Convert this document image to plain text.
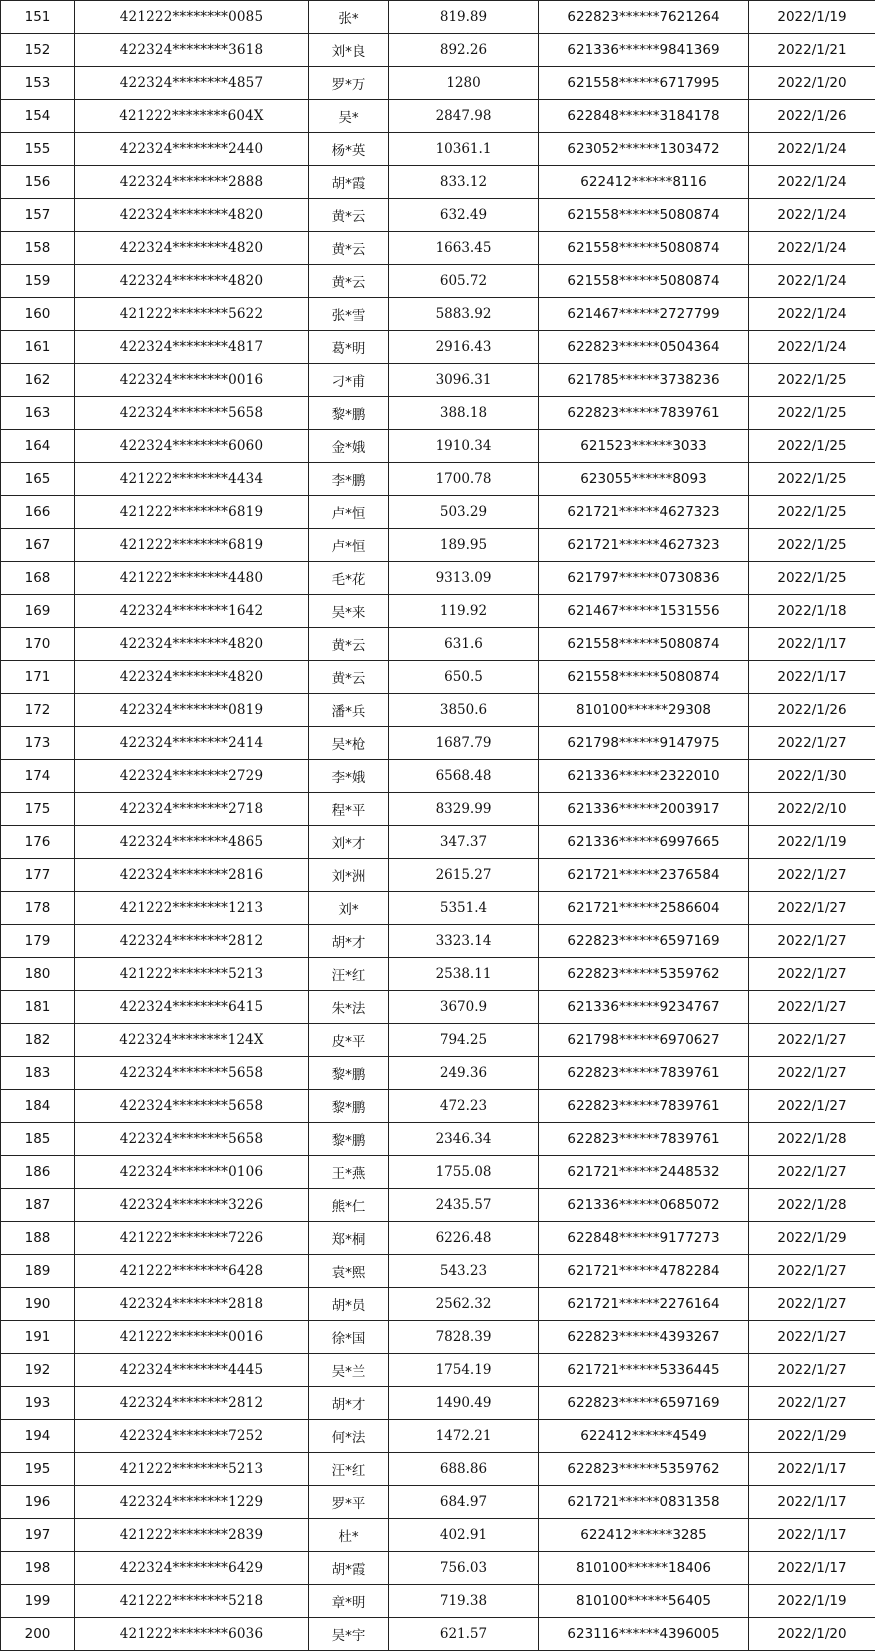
151	421222********0085	张*	819.89	622823******7621264	2022/1/19
152	422324********3618	刘*良	892.26	621336******9841369	2022/1/21
153	422324********4857	罗*万	1280	621558******6717995	2022/1/20
154	421222********604X	吴*	2847.98	622848******3184178	2022/1/26
155	422324********2440	杨*英	10361.1	623052******1303472	2022/1/24
156	422324********2888	胡*霞	833.12	622412******8116	2022/1/24
157	422324********4820	黄*云	632.49	621558******5080874	2022/1/24
158	422324********4820	黄*云	1663.45	621558******5080874	2022/1/24
159	422324********4820	黄*云	605.72	621558******5080874	2022/1/24
160	421222********5622	张*雪	5883.92	621467******2727799	2022/1/24
161	422324********4817	葛*明	2916.43	622823******0504364	2022/1/24
162	422324********0016	刁*甫	3096.31	621785******3738236	2022/1/25
163	422324********5658	黎*鹏	388.18	622823******7839761	2022/1/25
164	422324********6060	金*娥	1910.34	621523******3033	2022/1/25
165	421222********4434	李*鹏	1700.78	623055******8093	2022/1/25
166	421222********6819	卢*恒	503.29	621721******4627323	2022/1/25
167	421222********6819	卢*恒	189.95	621721******4627323	2022/1/25
168	421222********4480	毛*花	9313.09	621797******0730836	2022/1/25
169	422324********1642	吴*来	119.92	621467******1531556	2022/1/18
170	422324********4820	黄*云	631.6	621558******5080874	2022/1/17
171	422324********4820	黄*云	650.5	621558******5080874	2022/1/17
172	422324********0819	潘*兵	3850.6	810100******29308	2022/1/26
173	422324********2414	吴*枪	1687.79	621798******9147975	2022/1/27
174	422324********2729	李*娥	6568.48	621336******2322010	2022/1/30
175	422324********2718	程*平	8329.99	621336******2003917	2022/2/10
176	422324********4865	刘*才	347.37	621336******6997665	2022/1/19
177	422324********2816	刘*洲	2615.27	621721******2376584	2022/1/27
178	421222********1213	刘*	5351.4	621721******2586604	2022/1/27
179	422324********2812	胡*才	3323.14	622823******6597169	2022/1/27
180	421222********5213	汪*红	2538.11	622823******5359762	2022/1/27
181	422324********6415	朱*法	3670.9	621336******9234767	2022/1/27
182	422324********124X	皮*平	794.25	621798******6970627	2022/1/27
183	422324********5658	黎*鹏	249.36	622823******7839761	2022/1/27
184	422324********5658	黎*鹏	472.23	622823******7839761	2022/1/27
185	422324********5658	黎*鹏	2346.34	622823******7839761	2022/1/28
186	422324********0106	王*燕	1755.08	621721******2448532	2022/1/27
187	422324********3226	熊*仁	2435.57	621336******0685072	2022/1/28
188	421222********7226	郑*桐	6226.48	622848******9177273	2022/1/29
189	421222********6428	袁*熙	543.23	621721******4782284	2022/1/27
190	422324********2818	胡*员	2562.32	621721******2276164	2022/1/27
191	421222********0016	徐*国	7828.39	622823******4393267	2022/1/27
192	422324********4445	吴*兰	1754.19	621721******5336445	2022/1/27
193	422324********2812	胡*才	1490.49	622823******6597169	2022/1/27
194	422324********7252	何*法	1472.21	622412******4549	2022/1/29
195	421222********5213	汪*红	688.86	622823******5359762	2022/1/17
196	422324********1229	罗*平	684.97	621721******0831358	2022/1/17
197	421222********2839	杜*	402.91	622412******3285	2022/1/17
198	422324********6429	胡*霞	756.03	810100******18406	2022/1/17
199	421222********5218	章*明	719.38	810100******56405	2022/1/19
200	421222********6036	吴*宇	621.57	623116******4396005	2022/1/20
